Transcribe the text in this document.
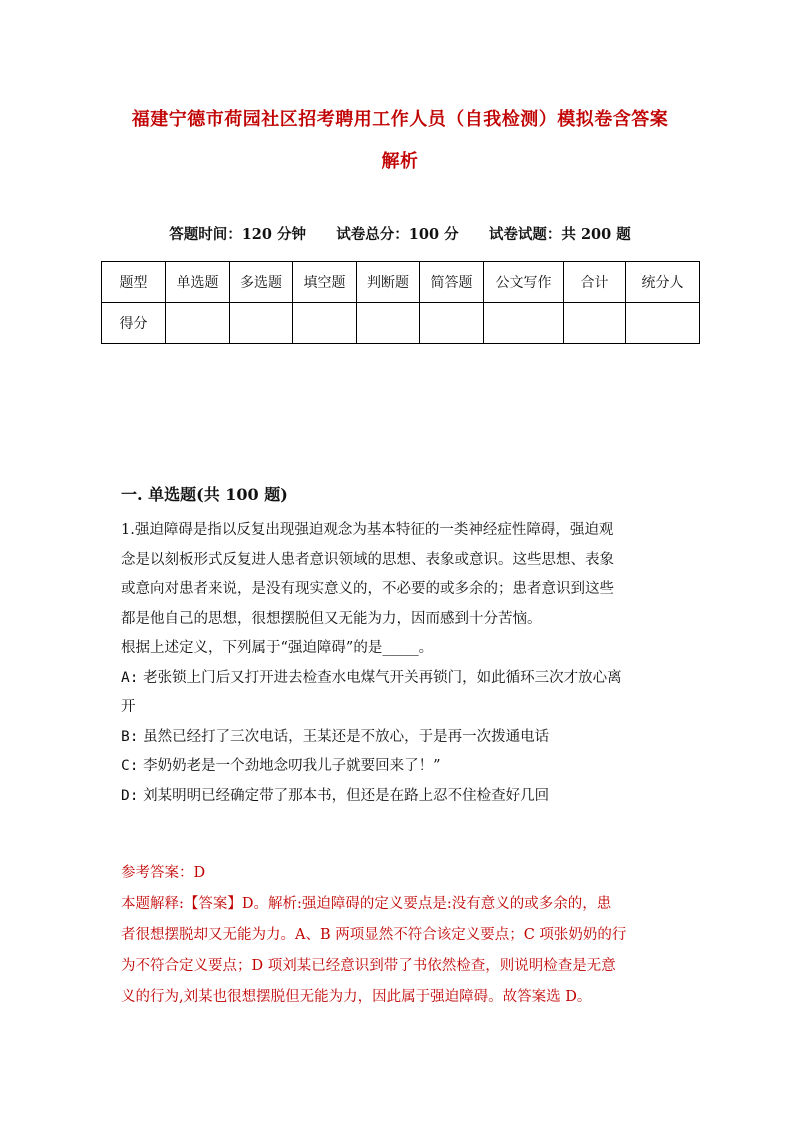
福建宁德市荷园社区招考聘用工作人员（自我检测）模拟卷含答案
解析
答题时间：120 分钟      试卷总分：100 分      试卷试题：共 200 题
题型	单选题	多选题	填空题	判断题	简答题	公文写作	合计	统分人
得分								
一. 单选题(共 100 题)

1.强迫障碍是指以反复出现强迫观念为基本特征的一类神经症性障碍，强迫观

念是以刻板形式反复进人患者意识领域的思想、表象或意识。这些思想、表象

或意向对患者来说，是没有现实意义的，不必要的或多余的；患者意识到这些

都是他自己的思想，很想摆脱但又无能为力，因而感到十分苦恼。

根据上述定义，下列属于“强迫障碍”的是_____。

A: 老张锁上门后又打开进去检查水电煤气开关再锁门，如此循环三次才放心离

开

B: 虽然已经打了三次电话，王某还是不放心，于是再一次拨通电话

C: 李奶奶老是一个劲地念叨我儿子就要回来了！”

D: 刘某明明已经确定带了那本书，但还是在路上忍不住检查好几回

参考答案：D

本题解释:【答案】D。解析:强迫障碍的定义要点是:没有意义的或多余的，患

者很想摆脱却又无能为力。A、B 两项显然不符合该定义要点；C 项张奶奶的行

为不符合定义要点；D 项刘某已经意识到带了书依然检查，则说明检查是无意

义的行为,刘某也很想摆脱但无能为力，因此属于强迫障碍。故答案选 D。
